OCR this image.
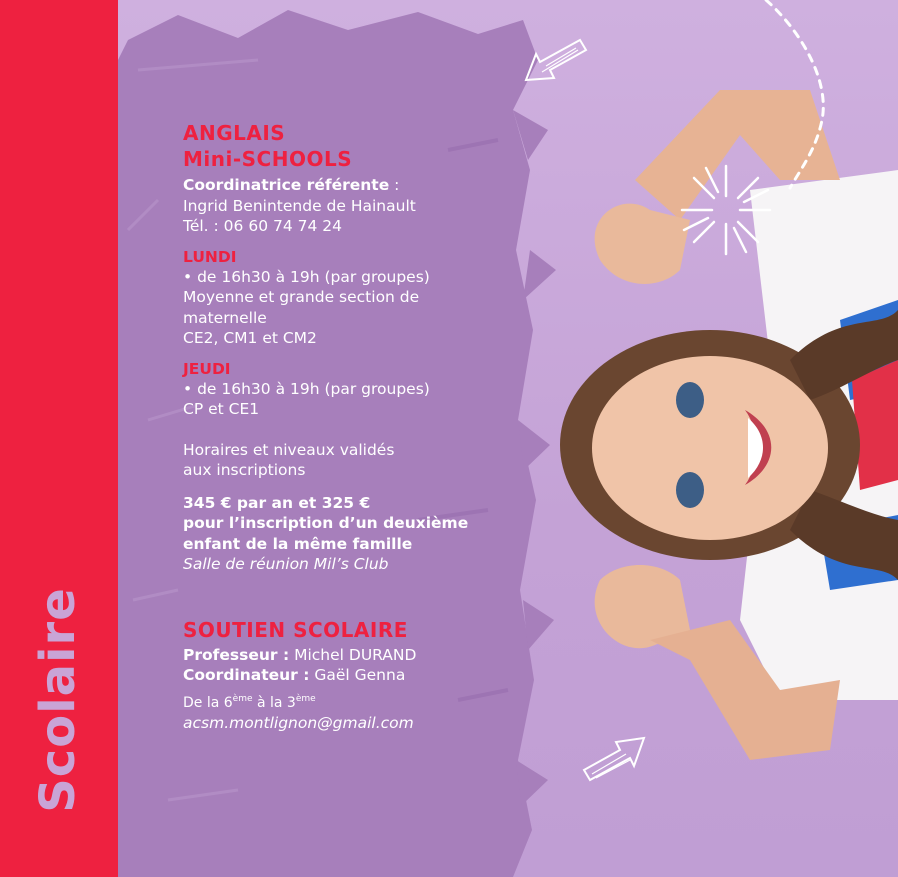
Scolaire

ANGLAIS

Mini-SCHOOLS

Coordinatrice référente :

Ingrid Benintende de Hainault

Tél. : 06 60 74 74 24

LUNDI

• de 16h30 à 19h (par groupes)

Moyenne et grande section de

maternelle

CE2, CM1 et CM2

JEUDI

• de 16h30 à 19h (par groupes)

CP et CE1

Horaires et niveaux validés

aux inscriptions

345 € par an et 325 €

pour l’inscription d’un deuxième

enfant de la même famille

Salle de réunion Mil’s Club

SOUTIEN SCOLAIRE

Professeur : Michel DURAND

Coordinateur : Gaël Genna

De la 6ème à la 3ème

acsm.montlignon@gmail.com
